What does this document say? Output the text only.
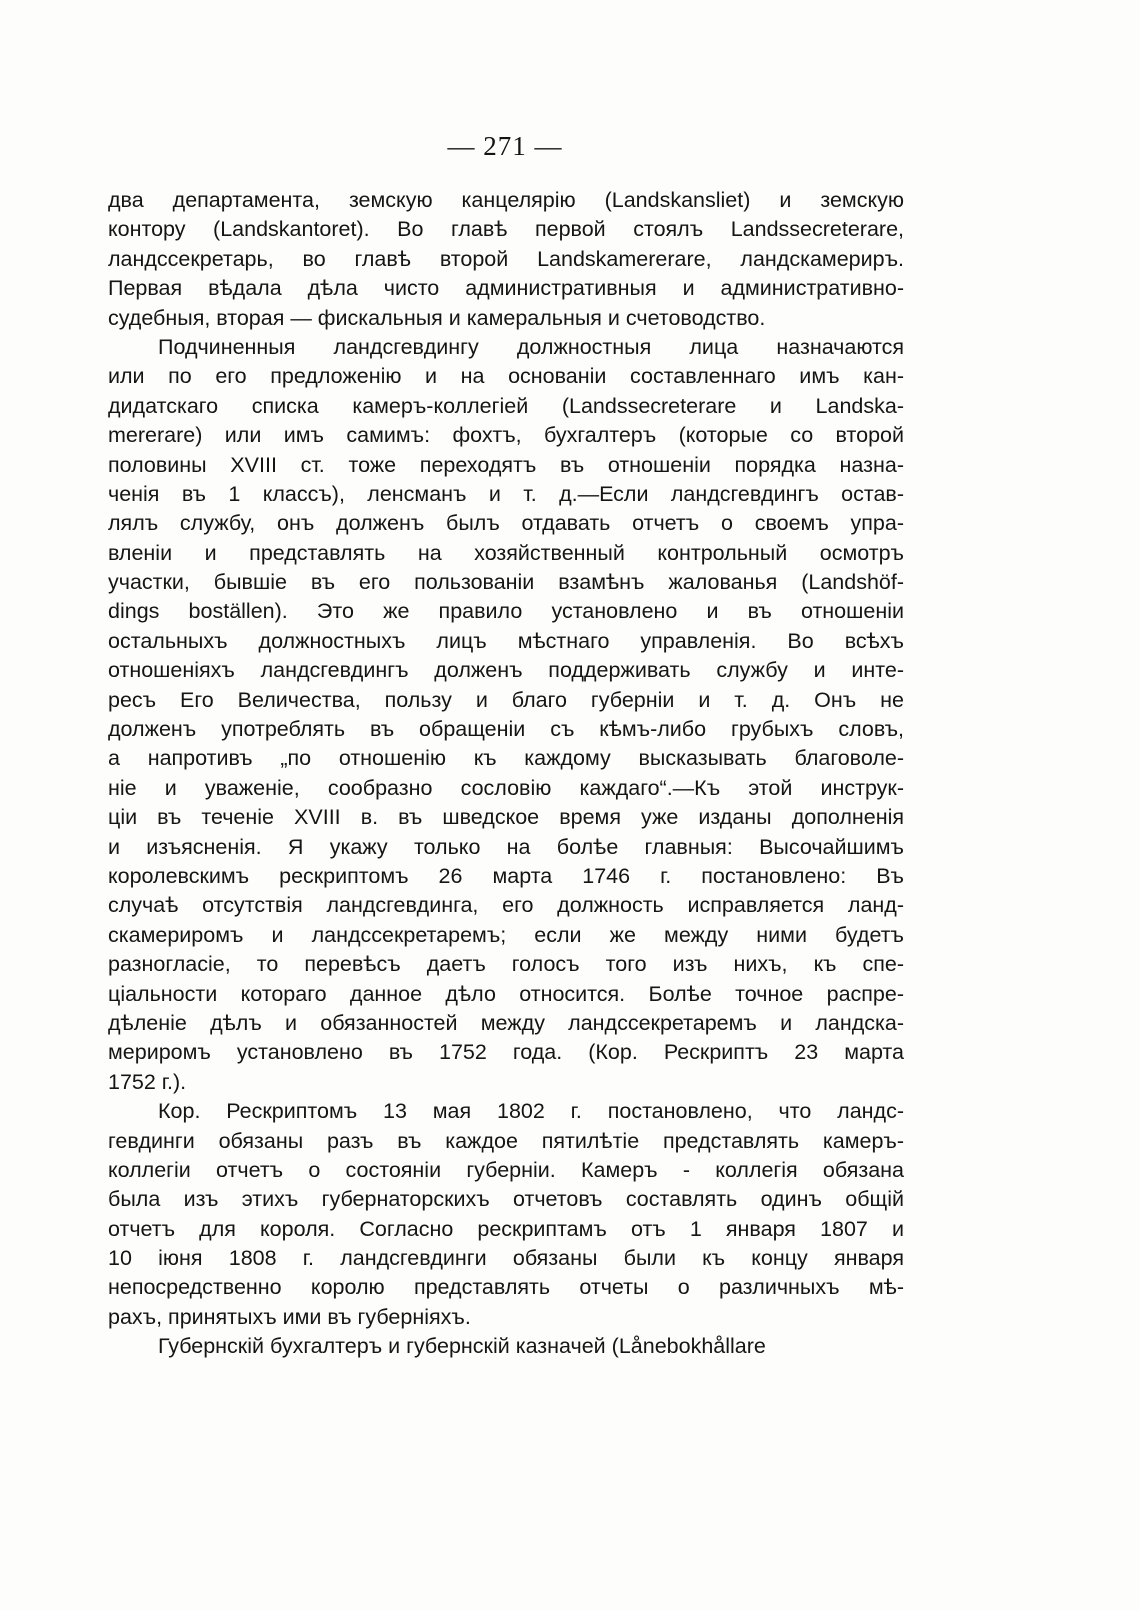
— 271 —
два департамента, земскую канцелярію (Landskansliet) и земскую
контору (Landskantoret). Во главѣ первой стоялъ Landssecreterare,
ландссекретарь, во главѣ второй Landskamererare, ландскамериръ.
Первая вѣдала дѣла чисто административныя и административно-
судебныя, вторая — фискальныя и камеральныя и счетоводство.
Подчиненныя ландсгевдингу должностныя лица назначаются
или по его предложенію и на основаніи составленнаго имъ кан-
дидатскаго списка камеръ-коллегіей (Landssecreterare и Landska-
mererare) или имъ самимъ: фохтъ, бухгалтеръ (которые со второй
половины XVIII ст. тоже переходятъ въ отношеніи порядка назна-
ченія въ 1 классъ), ленсманъ и т. д.—Если ландсгевдингъ остав-
лялъ службу, онъ долженъ былъ отдавать отчетъ о своемъ упра-
вленіи и представлять на хозяйственный контрольный осмотръ
участки, бывшіе въ его пользованіи взамѣнъ жалованья (Landshöf-
dings boställen). Это же правило установлено и въ отношеніи
остальныхъ должностныхъ лицъ мѣстнаго управленія. Во всѣхъ
отношеніяхъ ландсгевдингъ долженъ поддерживать службу и инте-
ресъ Его Величества, пользу и благо губерніи и т. д. Онъ не
долженъ употреблять въ обращеніи съ кѣмъ-либо грубыхъ словъ,
а напротивъ „по отношенію къ каждому высказывать благоволе-
ніе и уваженіе, сообразно сословію каждаго“.—Къ этой инструк-
ціи въ теченіе XVIII в. въ шведское время уже изданы дополненія
и изъясненія. Я укажу только на болѣе главныя: Высочайшимъ
королевскимъ рескриптомъ 26 марта 1746 г. постановлено: Въ
случаѣ отсутствія ландсгевдинга, его должность исправляется ланд-
скамериромъ и ландссекретаремъ; если же между ними будетъ
разногласіе, то перевѣсъ даетъ голосъ того изъ нихъ, къ спе-
ціальности котораго данное дѣло относится. Болѣе точное распре-
дѣленіе дѣлъ и обязанностей между ландссекретаремъ и ландска-
мериромъ установлено въ 1752 года. (Кор. Рескриптъ 23 марта
1752 г.).
Кор. Рескриптомъ 13 мая 1802 г. постановлено, что ландс-
гевдинги обязаны разъ въ каждое пятилѣтіе представлять камеръ-
коллегіи отчетъ о состояніи губерніи. Камеръ - коллегія обязана
была изъ этихъ губернаторскихъ отчетовъ составлять одинъ общій
отчетъ для короля. Согласно рескриптамъ отъ 1 января 1807 и
10 іюня 1808 г. ландсгевдинги обязаны были къ концу января
непосредственно королю представлять отчеты о различныхъ мѣ-
рахъ, принятыхъ ими въ губерніяхъ.
Губернскій бухгалтеръ и губернскій казначей (Lånebokhållare
